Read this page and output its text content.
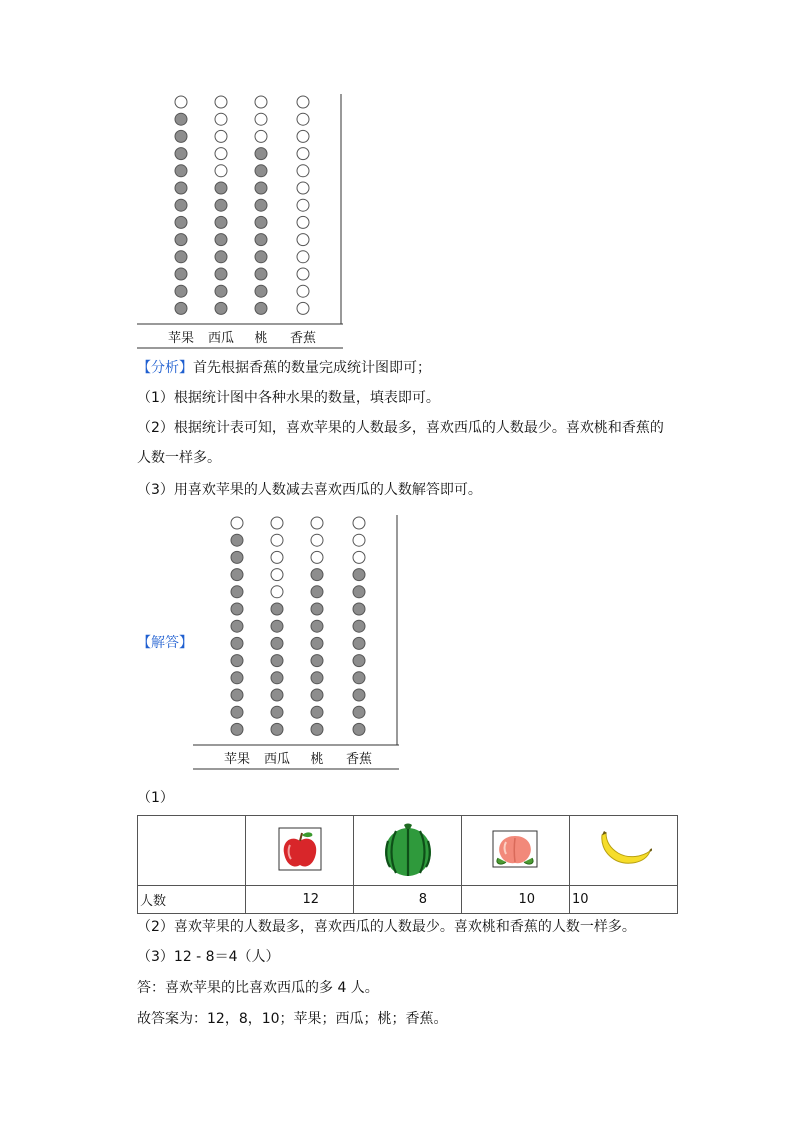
苹果 西瓜 桃 香蕉
【分析】首先根据香蕉的数量完成统计图即可；
（1）根据统计图中各种水果的数量，填表即可。
（2）根据统计表可知，喜欢苹果的人数最多，喜欢西瓜的人数最少。喜欢桃和香蕉的
人数一样多。
（3）用喜欢苹果的人数减去喜欢西瓜的人数解答即可。
【解答】
苹果 西瓜 桃 香蕉
（1）

人数	12	8	10	10
（2）喜欢苹果的人数最多，喜欢西瓜的人数最少。喜欢桃和香蕉的人数一样多。
（3）12 - 8＝4（人）
答：喜欢苹果的比喜欢西瓜的多 4 人。
故答案为：12，8，10；苹果；西瓜；桃；香蕉。
